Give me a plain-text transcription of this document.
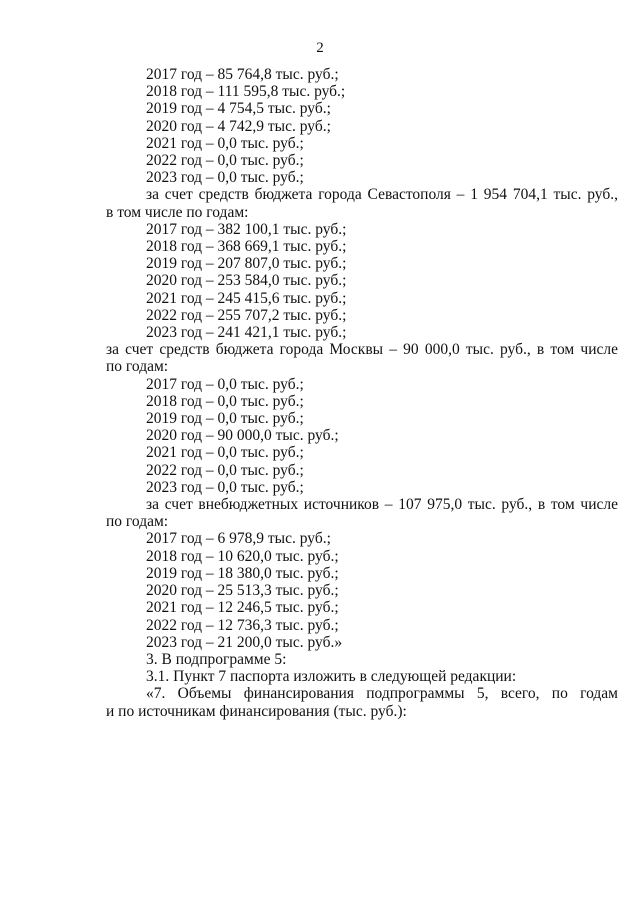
2
2017 год – 85 764,8 тыс. руб.;
2018 год – 111 595,8 тыс. руб.;
2019 год – 4 754,5 тыс. руб.;
2020 год – 4 742,9 тыс. руб.;
2021 год – 0,0 тыс. руб.;
2022 год – 0,0 тыс. руб.;
2023 год – 0,0 тыс. руб.;
за счет средств бюджета города Севастополя – 1 954 704,1 тыс. руб.,
в том числе по годам:
2017 год – 382 100,1 тыс. руб.;
2018 год – 368 669,1 тыс. руб.;
2019 год – 207 807,0 тыс. руб.;
2020 год – 253 584,0 тыс. руб.;
2021 год – 245 415,6 тыс. руб.;
2022 год – 255 707,2 тыс. руб.;
2023 год – 241 421,1 тыс. руб.;
за счет средств бюджета города Москвы – 90 000,0 тыс. руб., в том числе
по годам:
2017 год – 0,0 тыс. руб.;
2018 год – 0,0 тыс. руб.;
2019 год – 0,0 тыс. руб.;
2020 год – 90 000,0 тыс. руб.;
2021 год – 0,0 тыс. руб.;
2022 год – 0,0 тыс. руб.;
2023 год – 0,0 тыс. руб.;
за счет внебюджетных источников – 107 975,0 тыс. руб., в том числе
по годам:
2017 год – 6 978,9 тыс. руб.;
2018 год – 10 620,0 тыс. руб.;
2019 год – 18 380,0 тыс. руб.;
2020 год – 25 513,3 тыс. руб.;
2021 год – 12 246,5 тыс. руб.;
2022 год – 12 736,3 тыс. руб.;
2023 год – 21 200,0 тыс. руб.»
3. В подпрограмме 5:
3.1. Пункт 7 паспорта изложить в следующей редакции:
«7. Объемы финансирования подпрограммы 5, всего, по годам
и по источникам финансирования (тыс. руб.):
